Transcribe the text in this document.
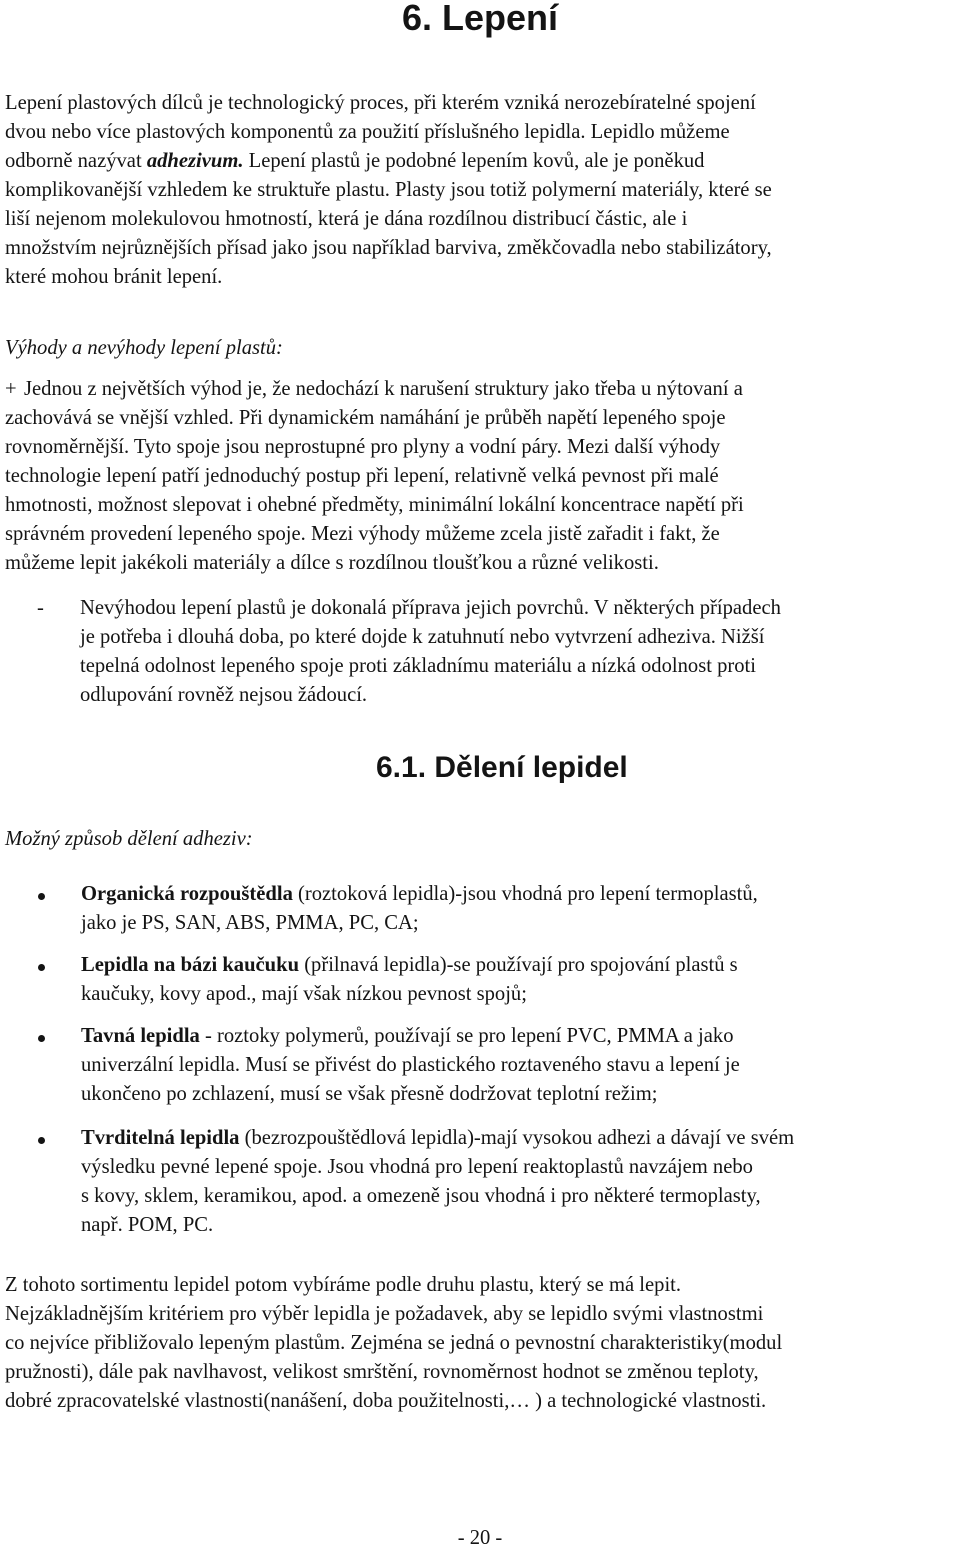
6. Lepení
Lepení plastových dílců je technologický proces, při kterém vzniká nerozebíratelné spojení
dvou nebo více plastových komponentů za použití příslušného lepidla. Lepidlo můžeme
odborně nazývat adhezivum. Lepení plastů je podobné lepením kovů, ale je poněkud
komplikovanější vzhledem ke struktuře plastu. Plasty jsou totiž polymerní materiály, které se
liší nejenom molekulovou hmotností, která je dána rozdílnou distribucí částic, ale i
množstvím nejrůznějších přísad jako jsou například barviva, změkčovadla nebo stabilizátory,
které mohou bránit lepení.
Výhody a nevýhody lepení plastů:
+ Jednou z největších výhod je, že nedochází k narušení struktury jako třeba u nýtovaní a
zachovává se vnější vzhled. Při dynamickém namáhání je průběh napětí lepeného spoje
rovnoměrnější. Tyto spoje jsou neprostupné pro plyny a vodní páry. Mezi další výhody
technologie lepení patří jednoduchý postup při lepení, relativně velká pevnost při malé
hmotnosti, možnost slepovat i ohebné předměty, minimální lokální koncentrace napětí při
správném provedení lepeného spoje. Mezi výhody můžeme zcela jistě zařadit i fakt, že
můžeme lepit jakékoli materiály a dílce s rozdílnou tloušťkou a různé velikosti.
- Nevýhodou lepení plastů je dokonalá příprava jejich povrchů. V některých případech
je potřeba i dlouhá doba, po které dojde k zatuhnutí nebo vytvrzení adheziva. Nižší
tepelná odolnost lepeného spoje proti základnímu materiálu a nízká odolnost proti
odlupování rovněž nejsou žádoucí.
6.1. Dělení lepidel
Možný způsob dělení adheziv:
Organická rozpouštědla (roztoková lepidla)-jsou vhodná pro lepení termoplastů,
jako je PS, SAN, ABS, PMMA, PC, CA;
Lepidla na bázi kaučuku (přilnavá lepidla)-se používají pro spojování plastů s
kaučuky, kovy apod., mají však nízkou pevnost spojů;
Tavná lepidla - roztoky polymerů, používají se pro lepení PVC, PMMA a jako
univerzální lepidla. Musí se přivést do plastického roztaveného stavu a lepení je
ukončeno po zchlazení, musí se však přesně dodržovat teplotní režim;
Tvrditelná lepidla (bezrozpouštědlová lepidla)-mají vysokou adhezi a dávají ve svém
výsledku pevné lepené spoje. Jsou vhodná pro lepení reaktoplastů navzájem nebo
s kovy, sklem, keramikou, apod. a omezeně jsou vhodná i pro některé termoplasty,
např. POM, PC.
Z tohoto sortimentu lepidel potom vybíráme podle druhu plastu, který se má lepit.
Nejzákladnějším kritériem pro výběr lepidla je požadavek, aby se lepidlo svými vlastnostmi
co nejvíce přibližovalo lepeným plastům. Zejména se jedná o pevnostní charakteristiky(modul
pružnosti), dále pak navlhavost, velikost smrštění, rovnoměrnost hodnot se změnou teploty,
dobré zpracovatelské vlastnosti(nanášení, doba použitelnosti,… ) a technologické vlastnosti.
- 20 -
